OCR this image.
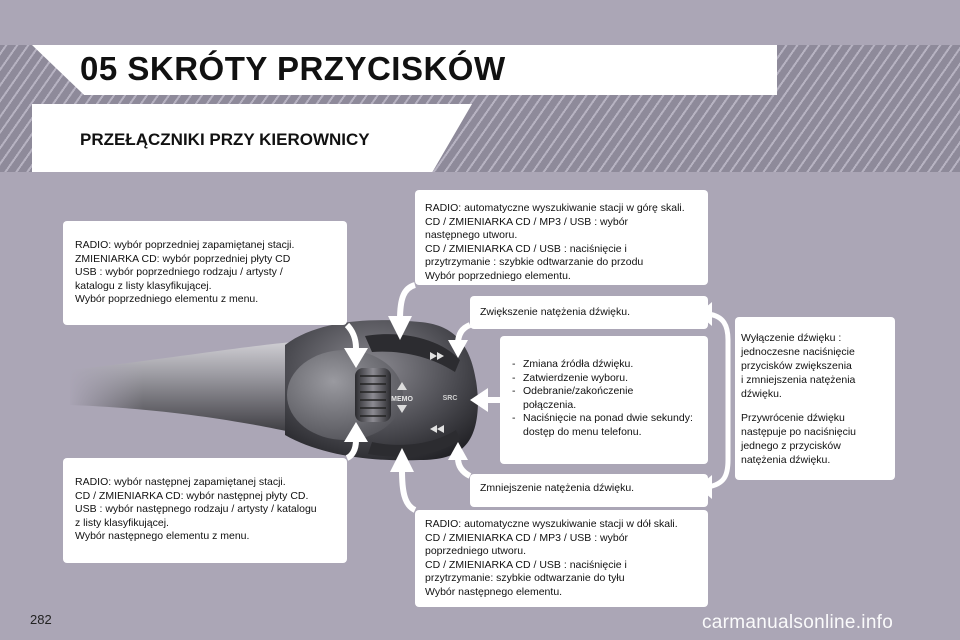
05 SKRÓTY PRZYCISKÓW
PRZEŁĄCZNIKI PRZY KIEROWNICY
MEMO	SRC

RADIO: wybór poprzedniej zapamiętanej stacji.
ZMIENIARKA CD: wybór poprzedniej płyty CD
USB : wybór poprzedniego rodzaju / artysty /
katalogu z listy klasyfikującej.
Wybór poprzedniego elementu z menu.

RADIO: wybór następnej zapamiętanej stacji.
CD / ZMIENIARKA CD: wybór następnej płyty CD.
USB : wybór następnego rodzaju / artysty / katalogu
z listy klasyfikującej.
Wybór następnego elementu z menu.

RADIO: automatyczne wyszukiwanie stacji w górę skali.
CD / ZMIENIARKA CD / MP3 / USB : wybór
następnego utworu.
CD / ZMIENIARKA CD / USB : naciśnięcie i
przytrzymanie : szybkie odtwarzanie do przodu
Wybór poprzedniego elementu.

RADIO: automatyczne wyszukiwanie stacji w dół skali.
CD / ZMIENIARKA CD / MP3 / USB : wybór
poprzedniego utworu.
CD / ZMIENIARKA CD / USB : naciśnięcie i
przytrzymanie: szybkie odtwarzanie do tyłu
Wybór następnego elementu.

Zwiększenie natężenia dźwięku.

Zmniejszenie natężenia dźwięku.

- Zmiana źródła dźwięku.
- Zatwierdzenie wyboru.
- Odebranie/zakończenie
połączenia.
- Naciśnięcie na ponad dwie sekundy:
dostęp do menu telefonu.

Wyłączenie dźwięku :
jednoczesne naciśnięcie
przycisków zwiększenia
i zmniejszenia natężenia
dźwięku.

Przywrócenie dźwięku
następuje po naciśnięciu
jednego z przycisków
natężenia dźwięku.

282	carmanualsonline.info
